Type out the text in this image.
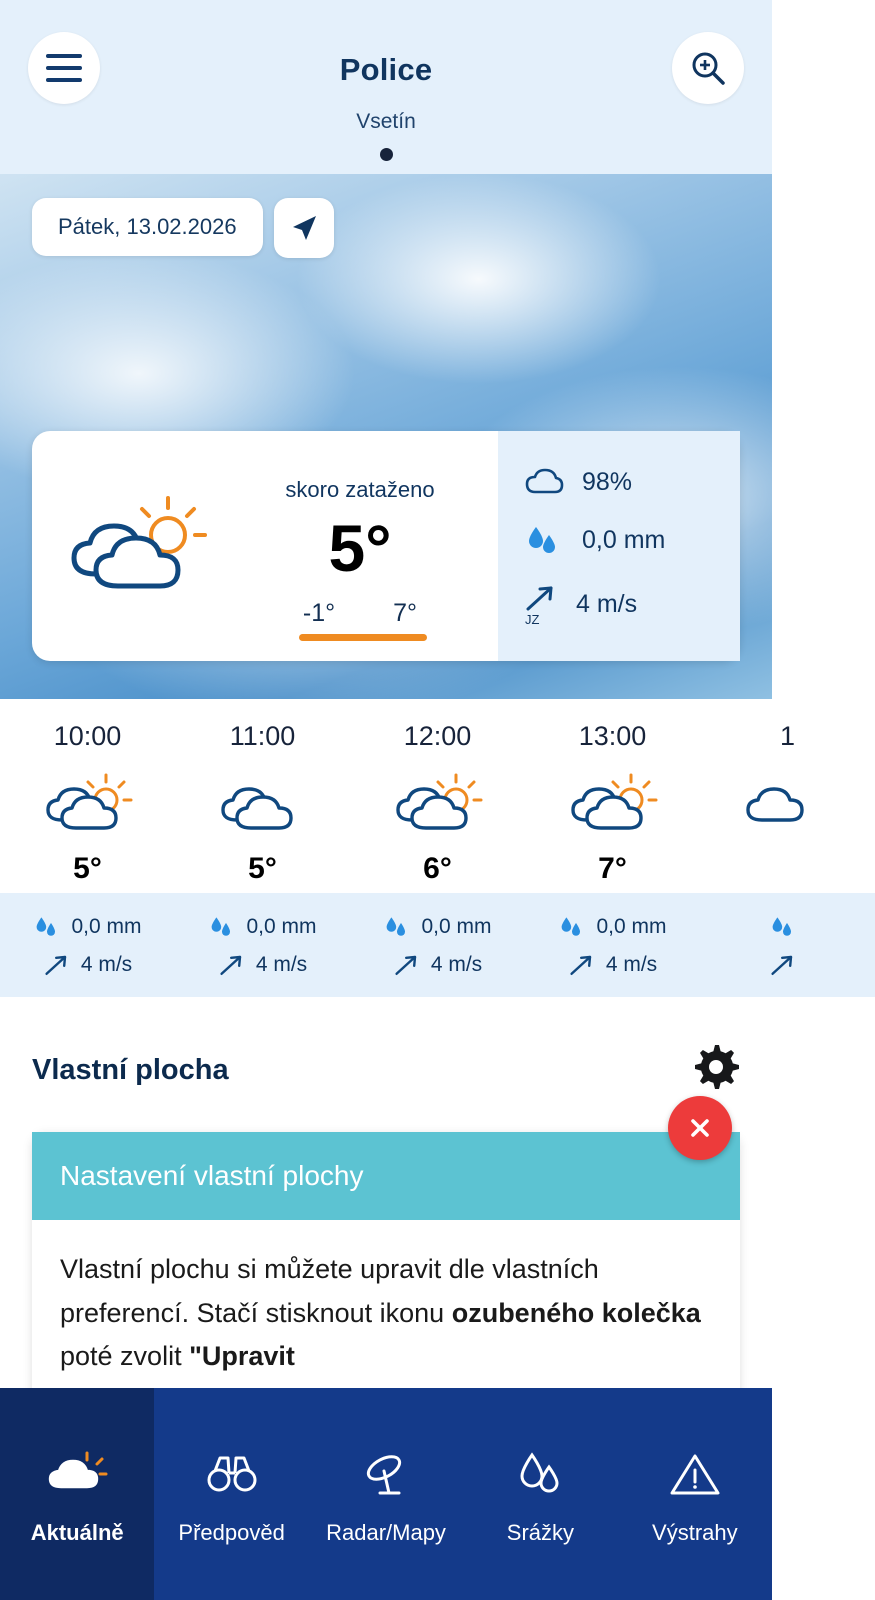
Police
Vsetín
Pátek, 13.02.2026
skoro zataženo
5°
-1° 7°
98%
0,0 mm
JZ
4 m/s
10:00
5°
0,0 mm
4 m/s
11:00
5°
0,0 mm
4 m/s
12:00
6°
0,0 mm
4 m/s
13:00
7°
0,0 mm
4 m/s
1
Vlastní plocha
Nastavení vlastní plochy
Vlastní plochu si můžete upravit dle vlastních preferencí. Stačí stisknout ikonu ozubeného kolečka poté zvolit "Upravit
Aktuálně Předpověd Radar/Mapy	Srážky	Výstrahy
